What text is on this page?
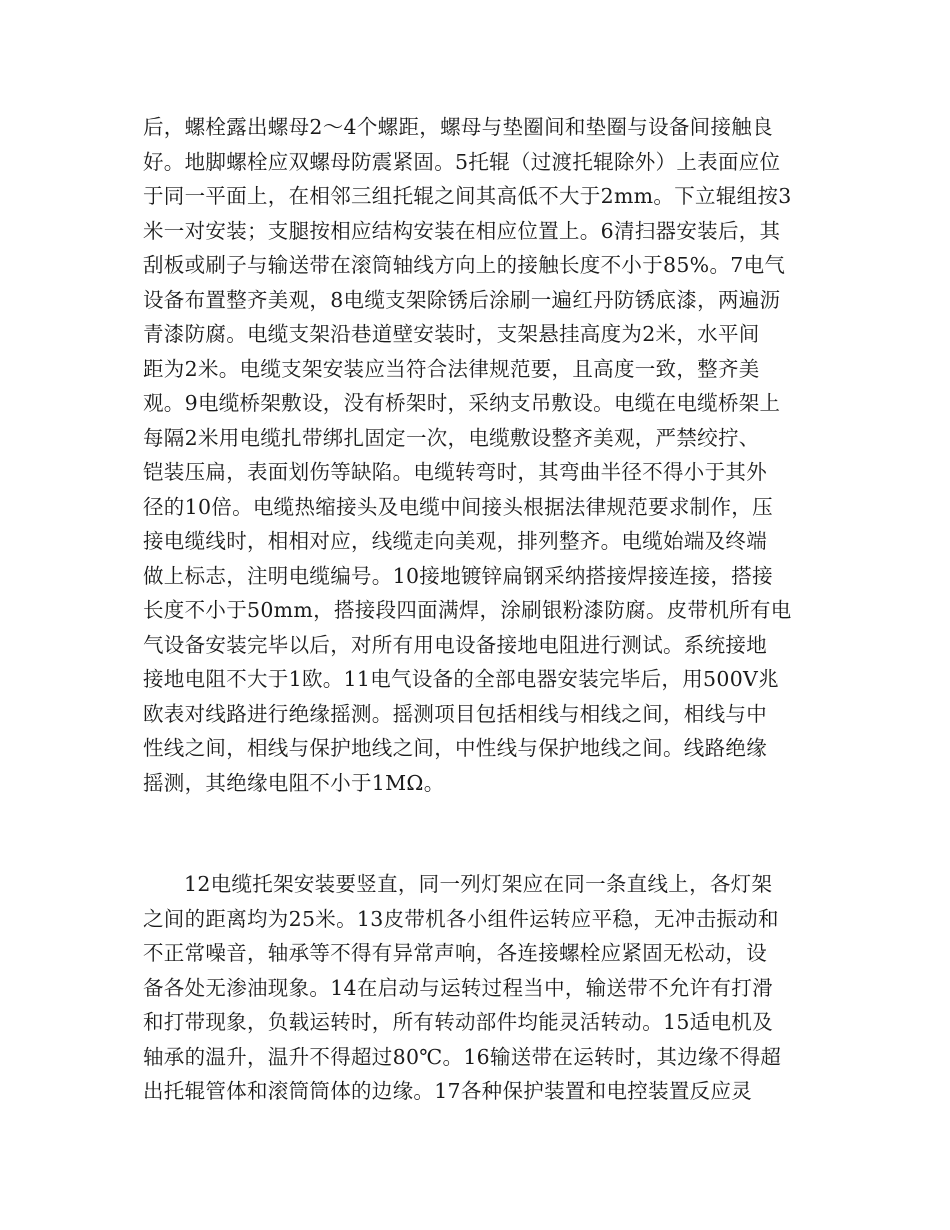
后，螺栓露出螺母2～4个螺距，螺母与垫圈间和垫圈与设备间接触良
好。地脚螺栓应双螺母防震紧固。5托辊（过渡托辊除外）上表面应位
于同一平面上，在相邻三组托辊之间其高低不大于2mm。下立辊组按3
米一对安装；支腿按相应结构安装在相应位置上。6清扫器安装后，其
刮板或刷子与输送带在滚筒轴线方向上的接触长度不小于85%。7电气
设备布置整齐美观，8电缆支架除锈后涂刷一遍红丹防锈底漆，两遍沥
青漆防腐。电缆支架沿巷道壁安装时，支架悬挂高度为2米，水平间
距为2米。电缆支架安装应当符合法律规范要，且高度一致，整齐美
观。9电缆桥架敷设，没有桥架时，采纳支吊敷设。电缆在电缆桥架上
每隔2米用电缆扎带绑扎固定一次，电缆敷设整齐美观，严禁绞拧、
铠装压扁，表面划伤等缺陷。电缆转弯时，其弯曲半径不得小于其外
径的10倍。电缆热缩接头及电缆中间接头根据法律规范要求制作，压
接电缆线时，相相对应，线缆走向美观，排列整齐。电缆始端及终端
做上标志，注明电缆编号。10接地镀锌扁钢采纳搭接焊接连接，搭接
长度不小于50mm，搭接段四面满焊，涂刷银粉漆防腐。皮带机所有电
气设备安装完毕以后，对所有用电设备接地电阻进行测试。系统接地
接地电阻不大于1欧。11电气设备的全部电器安装完毕后，用500V兆
欧表对线路进行绝缘摇测。摇测项目包括相线与相线之间，相线与中
性线之间，相线与保护地线之间，中性线与保护地线之间。线路绝缘
摇测，其绝缘电阻不小于1MΩ。
12电缆托架安装要竖直，同一列灯架应在同一条直线上，各灯架
之间的距离均为25米。13皮带机各小组件运转应平稳，无冲击振动和
不正常噪音，轴承等不得有异常声响，各连接螺栓应紧固无松动，设
备各处无渗油现象。14在启动与运转过程当中，输送带不允许有打滑
和打带现象，负载运转时，所有转动部件均能灵活转动。15适电机及
轴承的温升，温升不得超过80℃。16输送带在运转时，其边缘不得超
出托辊管体和滚筒筒体的边缘。17各种保护装置和电控装置反应灵
